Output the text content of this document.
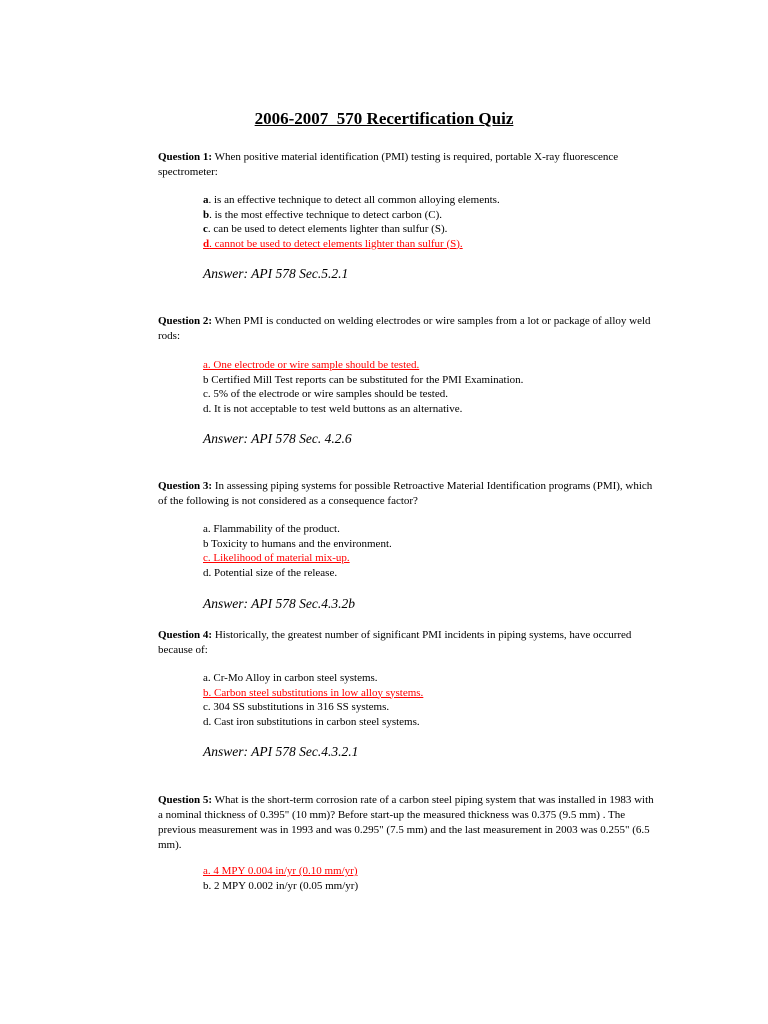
2006-2007  570 Recertification Quiz
Question 1: When positive material identification (PMI) testing is required, portable X-ray fluorescence spectrometer:
a. is an effective technique to detect all common alloying elements.
b. is the most effective technique to detect carbon (C).
c. can be used to detect elements lighter than sulfur (S).
d. cannot be used to detect elements lighter than sulfur (S).
Answer: API 578 Sec.5.2.1
Question 2: When PMI is conducted on welding electrodes or wire samples from a lot or package of alloy weld rods:
a. One electrode or wire sample should be tested.
b Certified Mill Test reports can be substituted for the PMI Examination.
c. 5% of the electrode or wire samples should be tested.
d. It is not acceptable to test weld buttons as an alternative.
Answer: API 578 Sec. 4.2.6
Question 3: In assessing piping systems for possible Retroactive Material Identification programs (PMI), which of the following is not considered as a consequence factor?
a. Flammability of the product.
b Toxicity to humans and the environment.
c. Likelihood of material mix-up.
d. Potential size of the release.
Answer: API 578 Sec.4.3.2b
Question 4: Historically, the greatest number of significant PMI incidents in piping systems, have occurred because of:
a. Cr-Mo Alloy in carbon steel systems.
b. Carbon steel substitutions in low alloy systems.
c. 304 SS substitutions in 316 SS systems.
d. Cast iron substitutions in carbon steel systems.
Answer: API 578 Sec.4.3.2.1
Question 5: What is the short-term corrosion rate of a carbon steel piping system that was installed in 1983 with a nominal thickness of 0.395" (10 mm)? Before start-up the measured thickness was 0.375 (9.5 mm) . The previous measurement was in 1993 and was 0.295" (7.5 mm) and the last measurement in 2003 was 0.255" (6.5 mm).
a. 4 MPY 0.004 in/yr (0.10 mm/yr)
b. 2 MPY 0.002 in/yr (0.05 mm/yr)
